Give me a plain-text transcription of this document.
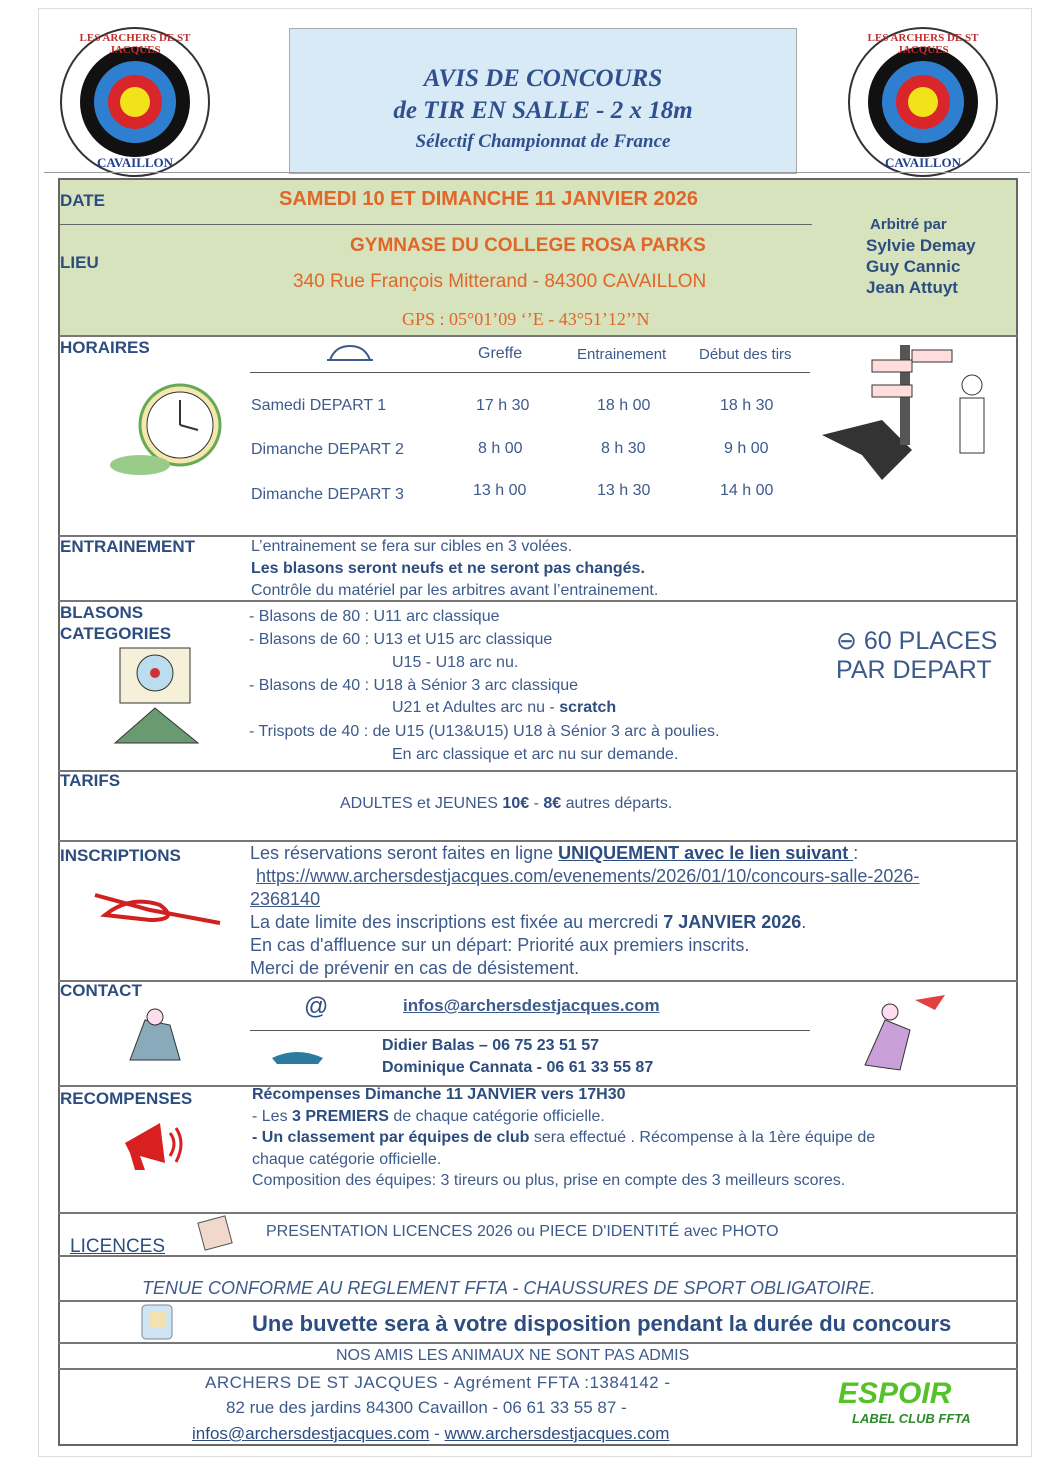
LES ARCHERS DE ST JACQUES
CAVAILLON
LES ARCHERS DE ST JACQUES
CAVAILLON
AVIS DE CONCOURS
de TIR EN SALLE - 2 x 18m
Sélectif Championnat de France
DATE	SAMEDI 10 ET DIMANCHE 11 JANVIER 2026
LIEU
GYMNASE DU COLLEGE ROSA PARKS
340 Rue François Mitterand - 84300 CAVAILLON
GPS : 05°01’09 ‘’E - 43°51’12’’N
Arbitré par
Sylvie Demay
Guy Cannic
Jean Attuyt
HORAIRES	Greffe	Entrainement Début des tirs
Samedi DEPART 1	17 h 30	18 h 00	18 h 30
Dimanche DEPART 2	8 h 00	8 h 30	9 h 00
Dimanche DEPART 3	13 h 00	13 h 30	14 h 00
ENTRAINEMENT	L’entrainement se fera sur cibles en 3 volées.
Les blasons seront neufs et ne seront pas changés.
Contrôle du matériel par les arbitres avant l’entrainement.
BLASONS
CATEGORIES
- Blasons de 80 : U11 arc classique
- Blasons de 60 : U13 et U15 arc classique
U15 - U18 arc nu.
- Blasons de 40 : U18 à Sénior 3 arc classique
U21 et Adultes arc nu - scratch
- Trispots de 40 : de U15 (U13&U15) U18 à Sénior 3 arc à poulies.
En arc classique et arc nu sur demande.
⊖ 60 PLACES
PAR DEPART
TARIFS
ADULTES et JEUNES 10€ - 8€ autres départs.
INSCRIPTIONS	Les réservations seront faites en ligne UNIQUEMENT avec le lien suivant :
https://www.archersdestjacques.com/evenements/2026/01/10/concours-salle-2026-
2368140
La date limite des inscriptions est fixée au mercredi 7 JANVIER 2026.
En cas d'affluence sur un départ: Priorité aux premiers inscrits.
Merci de prévenir en cas de désistement.
CONTACT
@	infos@archersdestjacques.com
Didier Balas – 06 75 23 51 57
Dominique Cannata - 06 61 33 55 87
RECOMPENSES	Récompenses Dimanche 11 JANVIER vers 17H30
- Les 3 PREMIERS de chaque catégorie officielle.
- Un classement par équipes de club sera effectué . Récompense à la 1ère équipe de
chaque catégorie officielle.
Composition des équipes: 3 tireurs ou plus, prise en compte des 3 meilleurs scores.
LICENCES
PRESENTATION LICENCES 2026 ou PIECE D'IDENTITÉ avec PHOTO
TENUE CONFORME AU REGLEMENT FFTA - CHAUSSURES DE SPORT OBLIGATOIRE.
Une buvette sera à votre disposition pendant la durée du concours
NOS AMIS LES ANIMAUX NE SONT PAS ADMIS
ARCHERS DE ST JACQUES - Agrément FFTA :1384142 -
82 rue des jardins 84300 Cavaillon - 06 61 33 55 87 -
infos@archersdestjacques.com - www.archersdestjacques.com
ESPOIR
LABEL CLUB FFTA
